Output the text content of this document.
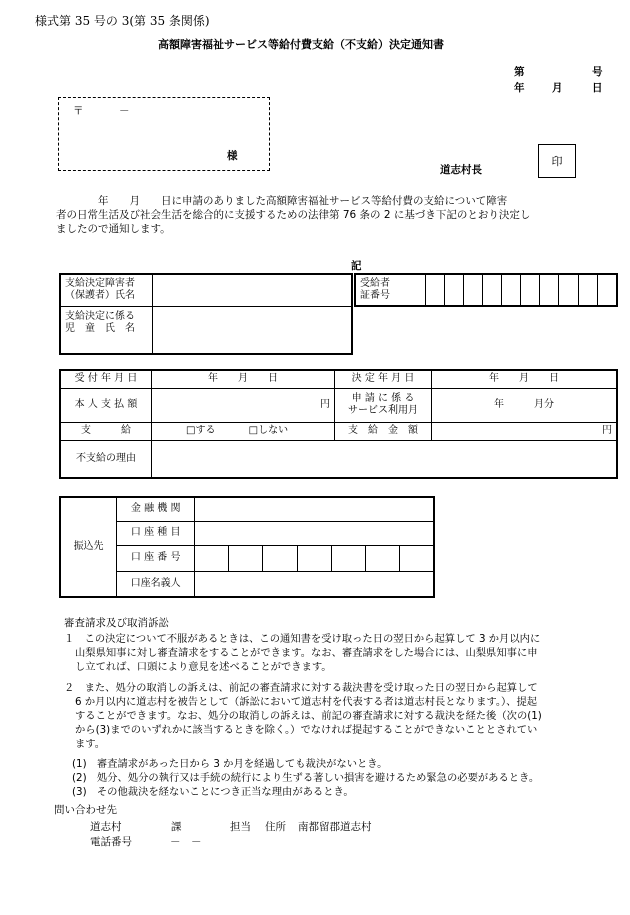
様式第 35 号の 3(第 35 条関係)
高額障害福祉サービス等給付費支給（不支給）決定通知書
第	号
年	月	日
〒	－
様
道志村長
印
　　　　年　　月　　日に申請のありました高額障害福祉サービス等給付費の支給について障害
者の日常生活及び社会生活を総合的に支援するための法律第 76 条の 2 に基づき下記のとおり決定し
ましたので通知します。
記
支給決定障害者
（保護者）氏名	

支給決定に係る
児　童　氏　名	

受給者
証番号

受 付 年 月 日	年　　月　　日	決 定 年 月 日	年　　月　　日
本 人 支 払 額	円	申 請 に 係 る
サービス利用月	年　　　月分
支　　　給	□する □しない	支　給　金　額	円
不支給の理由			
振込先	金 融 機 関							
	口 座 種 目							
	口 座 番 号							
	口座名義人							
審査請求及び取消訴訟
１　この決定について不服があるときは、この通知書を受け取った日の翌日から起算して 3 か月以内に
山梨県知事に対し審査請求をすることができます。なお、審査請求をした場合には、山梨県知事に申
し立てれば、口頭により意見を述べることができます。
２　また、処分の取消しの訴えは、前記の審査請求に対する裁決書を受け取った日の翌日から起算して
6 か月以内に道志村を被告として（訴訟において道志村を代表する者は道志村長となります。）、提起
することができます。なお、処分の取消しの訴えは、前記の審査請求に対する裁決を経た後（次の(1)
から(3)までのいずれかに該当するときを除く。）でなければ提起することができないこととされてい
ます。
(1)　審査請求があった日から 3 か月を経過しても裁決がないとき。
(2)　処分、処分の執行又は手続の続行により生ずる著しい損害を避けるため緊急の必要があるとき。
(3)　その他裁決を経ないことにつき正当な理由があるとき。
問い合わせ先
道志村	課	担当 住所 南都留郡道志村
電話番号	－　－
